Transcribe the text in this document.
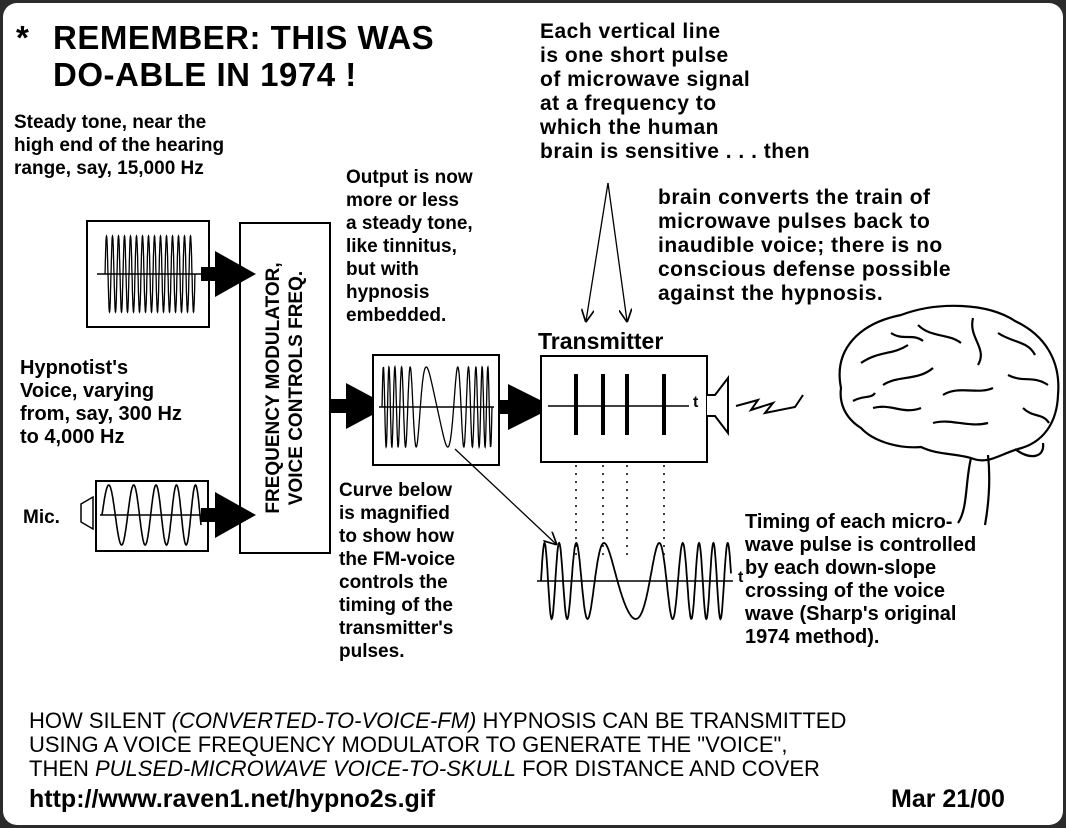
* REMEMBER: THIS WAS
DO-ABLE IN 1974 !
Steady tone, near the
high end of the hearing
range, say, 15,000 Hz
Hypnotist's
Voice, varying
from, say, 300 Hz
to 4,000 Hz
Mic.
FREQUENCY MODULATOR,
VOICE CONTROLS FREQ.
Output is now
more or less
a steady tone,
like tinnitus,
but with
hypnosis
embedded.
Each vertical line
is one short pulse
of microwave signal
at a frequency to
which the human
brain is sensitive . . . then
brain converts the train of
microwave pulses back to
inaudible voice; there is no
conscious defense possible
against the hypnosis.
Transmitter
t
t
Curve below
is magnified
to show how
the FM-voice
controls the
timing of the
transmitter's
pulses.
Timing of each micro-
wave pulse is controlled
by each down-slope
crossing of the voice
wave (Sharp's original
1974 method).
HOW SILENT (CONVERTED-TO-VOICE-FM) HYPNOSIS CAN BE TRANSMITTED
USING A VOICE FREQUENCY MODULATOR TO GENERATE THE "VOICE",
THEN PULSED-MICROWAVE VOICE-TO-SKULL FOR DISTANCE AND COVER
http://www.raven1.net/hypno2s.gif	Mar 21/00
